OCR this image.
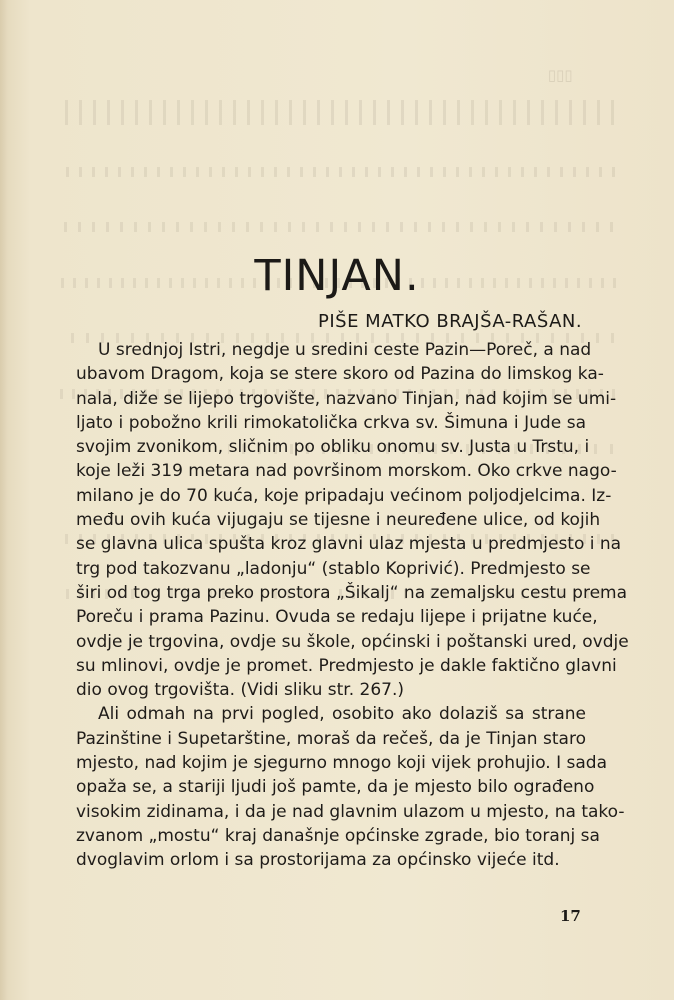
▯▯▯

TINJAN.
PIŠE MATKO BRAJŠA-RAŠAN.
U srednjoj Istri, negdje u sredini ceste Pazin—Poreč, a nad
ubavom Dragom, koja se stere skoro od Pazina do limskog ka-
nala, diže se lijepo trgovište, nazvano Tinjan, nad kojim se umi-
ljato i pobožno krili rimokatolička crkva sv. Šimuna i Jude sa
svojim zvonikom, sličnim po obliku onomu sv. Justa u Trstu, i
koje leži 319 metara nad površinom morskom. Oko crkve nago-
milano je do 70 kuća, koje pripadaju većinom poljodjelcima. Iz-
među ovih kuća vijugaju se tijesne i neuređene ulice, od kojih
se glavna ulica spušta kroz glavni ulaz mjesta u predmjesto i na
trg pod takozvanu „ladonju“ (stablo Koprivić). Predmjesto se
širi od tog trga preko prostora „Šikalj“ na zemaljsku cestu prema
Poreču i prama Pazinu. Ovuda se redaju lijepe i prijatne kuće,
ovdje je trgovina, ovdje su škole, općinski i poštanski ured, ovdje
su mlinovi, ovdje je promet. Predmjesto je dakle faktično glavni
dio ovog trgovišta. (Vidi sliku str. 267.)
Ali odmah na prvi pogled, osobito ako dolaziš sa strane
Pazinštine i Supetarštine, moraš da rečeš, da je Tinjan staro
mjesto, nad kojim je sjegurno mnogo koji vijek prohujio. I sada
opaža se, a stariji ljudi još pamte, da je mjesto bilo ograđeno
visokim zidinama, i da je nad glavnim ulazom u mjesto, na tako-
zvanom „mostu“ kraj današnje općinske zgrade, bio toranj sa
dvoglavim orlom i sa prostorijama za općinsko vijeće itd.
17
